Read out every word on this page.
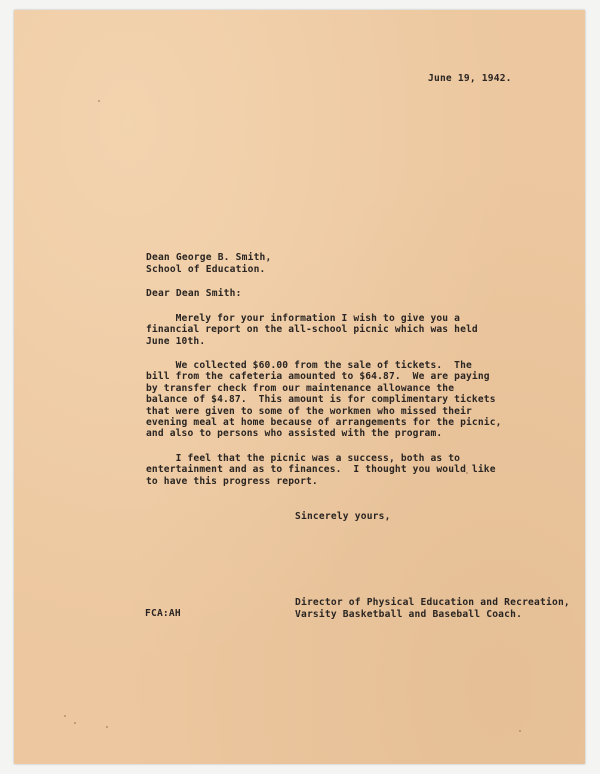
June 19, 1942.
Dean George B. Smith,
School of Education.
Dear Dean Smith:
Merely for your information I wish to give you a
financial report on the all-school picnic which was held
June 10th.
We collected $60.00 from the sale of tickets.  The
bill from the cafeteria amounted to $64.87.  We are paying
by transfer check from our maintenance allowance the
balance of $4.87.  This amount is for complimentary tickets
that were given to some of the workmen who missed their
evening meal at home because of arrangements for the picnic,
and also to persons who assisted with the program.
I feel that the picnic was a success, both as to
entertainment and as to finances.  I thought you would like
to have this progress report.
Sincerely yours,
Director of Physical Education and Recreation,
Varsity Basketball and Baseball Coach.
FCA:AH
